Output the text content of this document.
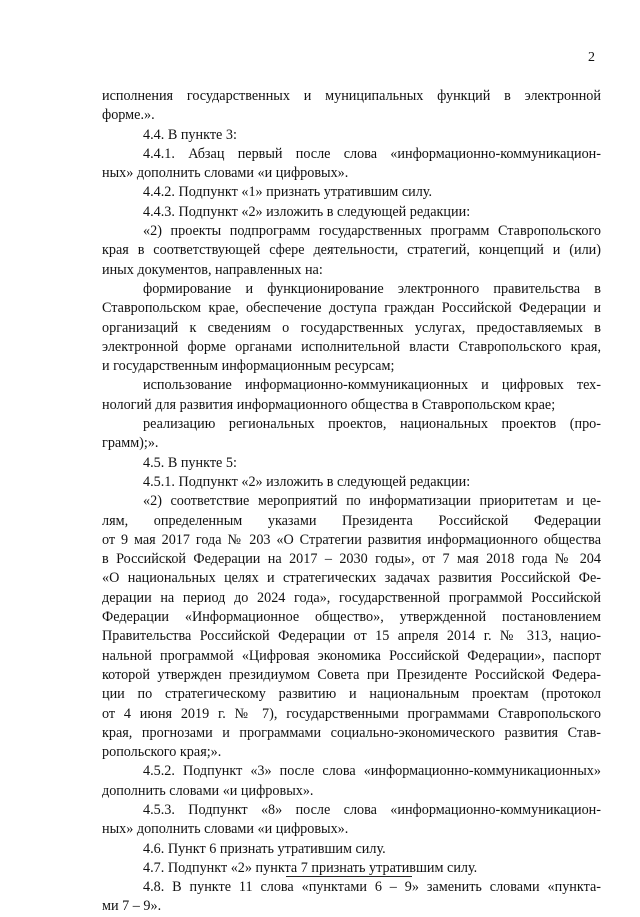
2
исполнения государственных и муниципальных функций в электронной
форме.».
4.4. В пункте 3:
4.4.1. Абзац первый после слова «информационно-коммуникацион-
ных» дополнить словами «и цифровых».
4.4.2. Подпункт «1» признать утратившим силу.
4.4.3. Подпункт «2» изложить в следующей редакции:
«2) проекты подпрограмм государственных программ Ставропольского
края в соответствующей сфере деятельности, стратегий, концепций и (или)
иных документов, направленных на:
формирование и функционирование электронного правительства в
Ставропольском крае, обеспечение доступа граждан Российской Федерации и
организаций к сведениям о государственных услугах, предоставляемых в
электронной форме органами исполнительной власти Ставропольского края,
и государственным информационным ресурсам;
использование информационно-коммуникационных и цифровых тех-
нологий для развития информационного общества в Ставропольском крае;
реализацию региональных проектов, национальных проектов (про-
грамм);».
4.5. В пункте 5:
4.5.1. Подпункт «2» изложить в следующей редакции:
«2) соответствие мероприятий по информатизации приоритетам и це-
лям, определенным указами Президента Российской Федерации
от 9 мая 2017 года № 203 «О Стратегии развития информационного общества
в Российской Федерации на 2017 – 2030 годы», от 7 мая 2018 года № 204
«О национальных целях и стратегических задачах развития Российской Фе-
дерации на период до 2024 года», государственной программой Российской
Федерации «Информационное общество», утвержденной постановлением
Правительства Российской Федерации от 15 апреля 2014 г. № 313, нацио-
нальной программой «Цифровая экономика Российской Федерации», паспорт
которой утвержден президиумом Совета при Президенте Российской Федера-
ции по стратегическому развитию и национальным проектам (протокол
от 4 июня 2019 г. № 7), государственными программами Ставропольского
края, прогнозами и программами социально-экономического развития Став-
ропольского края;».
4.5.2. Подпункт «3» после слова «информационно-коммуникационных»
дополнить словами «и цифровых».
4.5.3. Подпункт «8» после слова «информационно-коммуникацион-
ных» дополнить словами «и цифровых».
4.6. Пункт 6 признать утратившим силу.
4.7. Подпункт «2» пункта 7 признать утратившим силу.
4.8. В пункте 11 слова «пунктами 6 – 9» заменить словами «пункта-
ми 7 – 9».
